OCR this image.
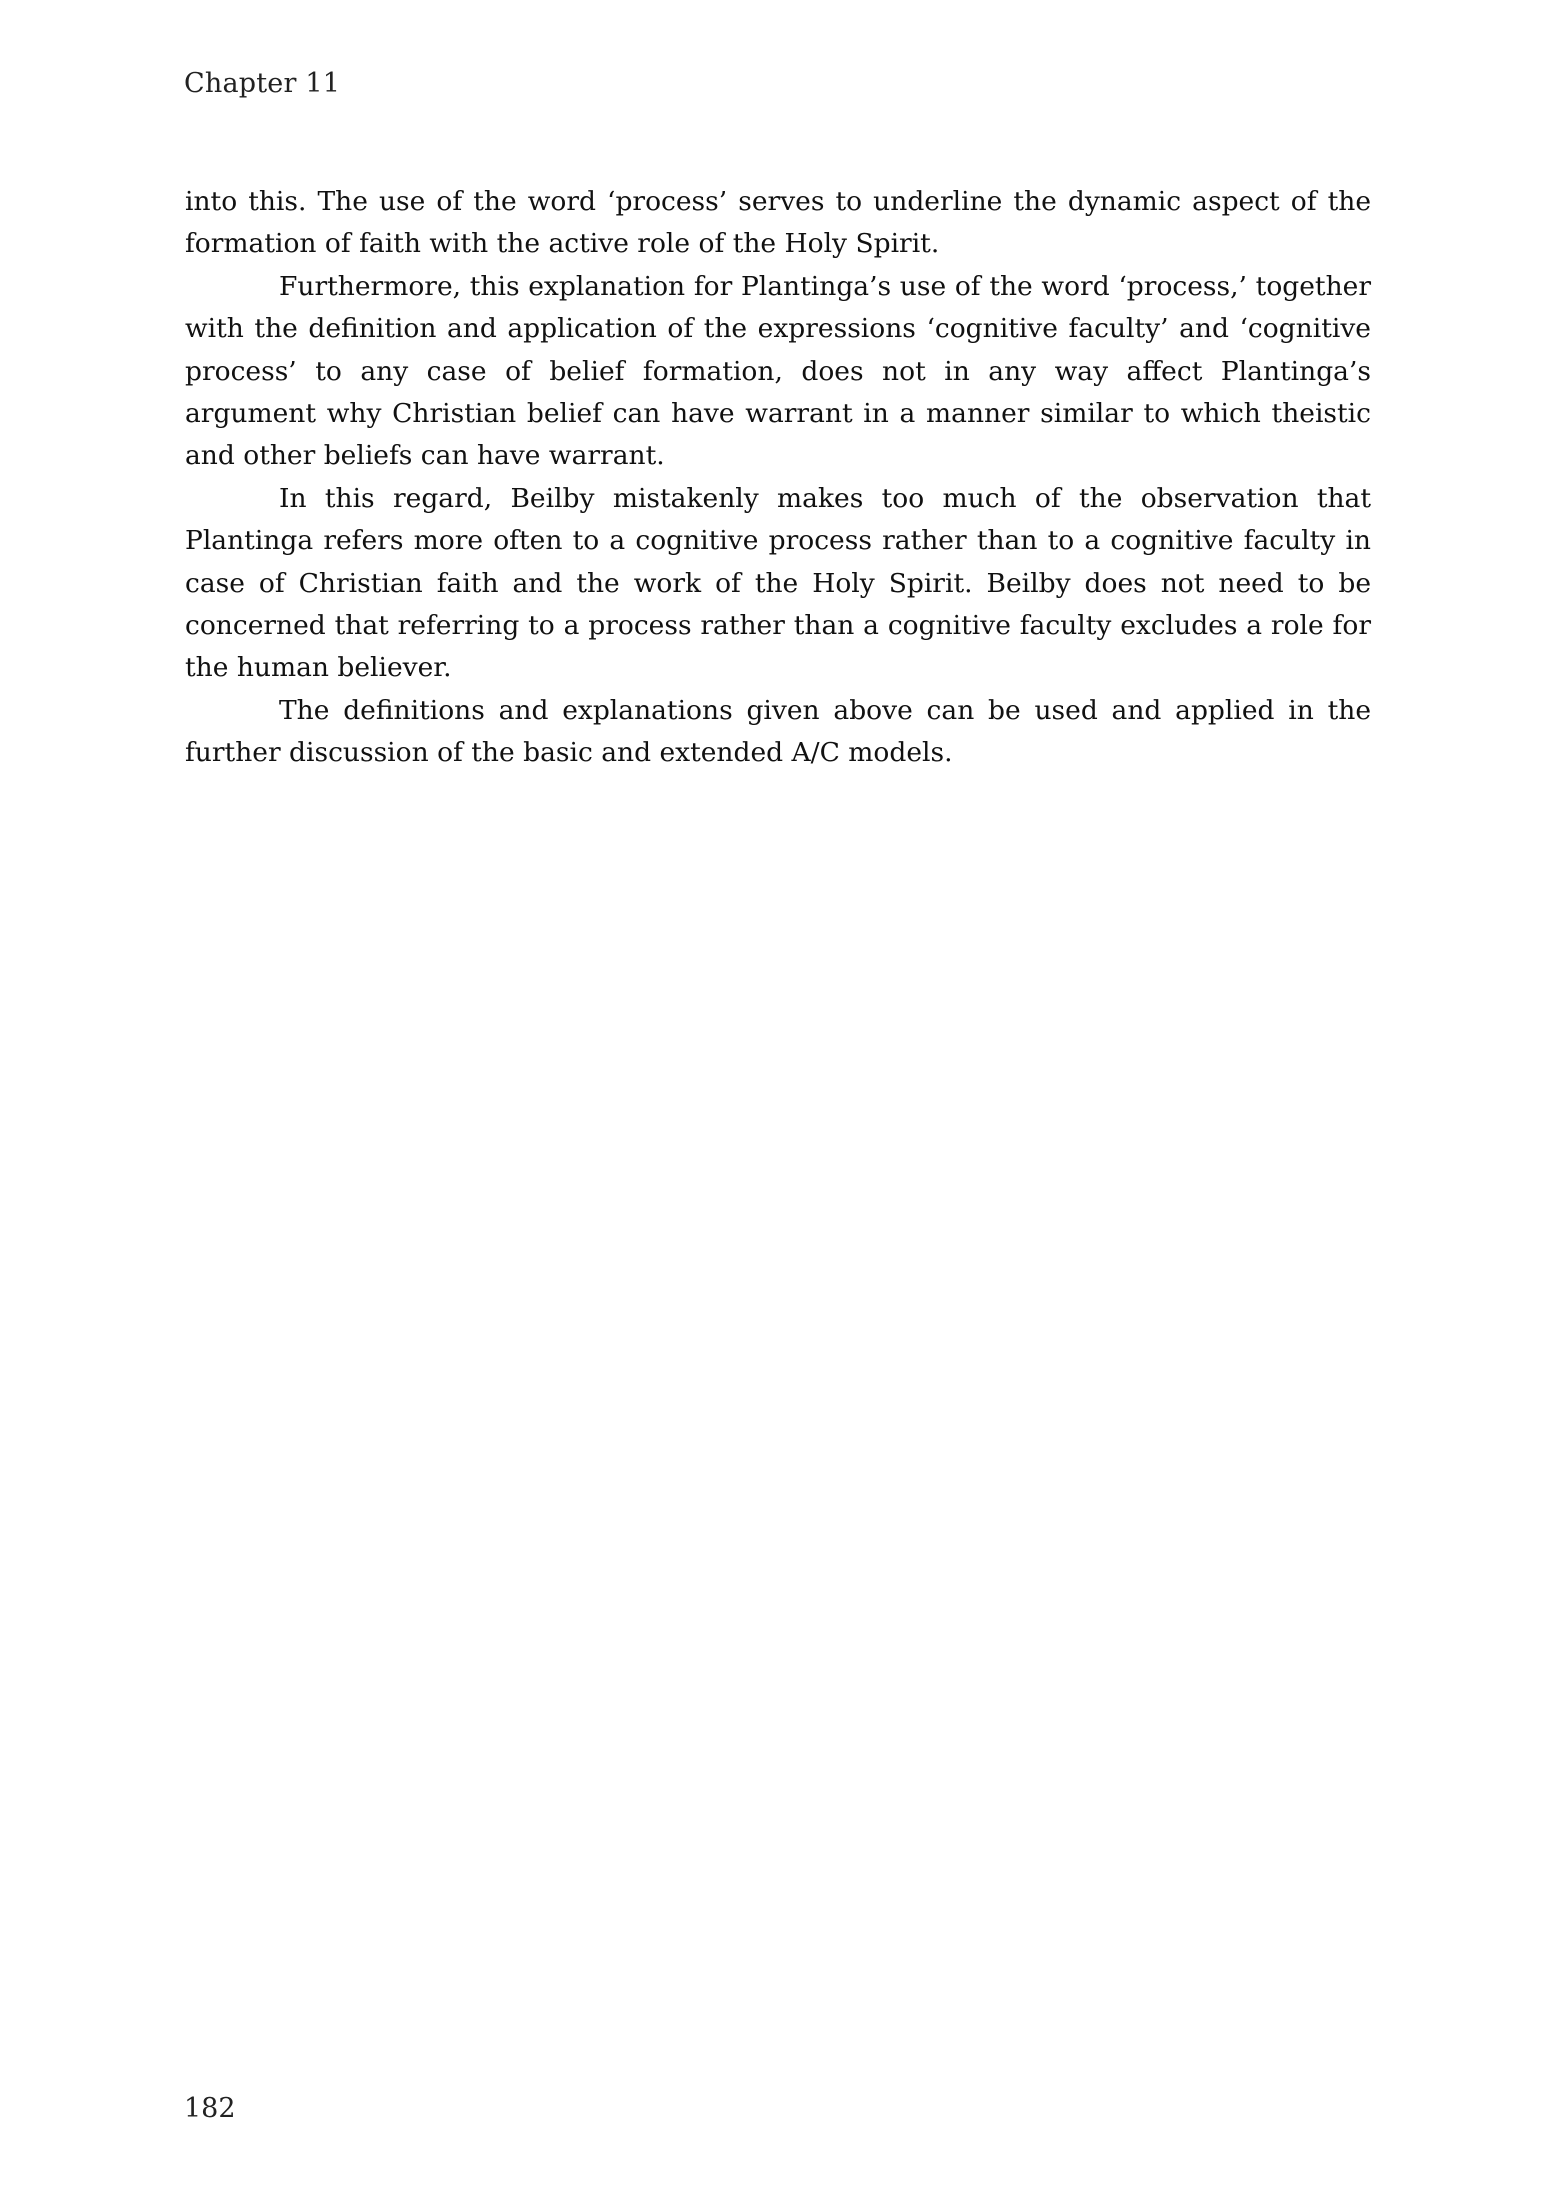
Chapter 11

into this. The use of the word ‘process’ serves to underline the dynamic aspect of the formation of faith with the active role of the Holy Spirit.

Furthermore, this explanation for Plantinga’s use of the word ‘process,’ together with the definition and application of the expressions ‘cognitive faculty’ and ‘cognitive process’ to any case of belief formation, does not in any way affect Plantinga’s argument why Christian belief can have warrant in a manner similar to which theistic and other beliefs can have warrant.

In this regard, Beilby mistakenly makes too much of the observation that Plantinga refers more often to a cognitive process rather than to a cognitive faculty in case of Christian faith and the work of the Holy Spirit. Beilby does not need to be concerned that referring to a process rather than a cognitive faculty excludes a role for the human believer.

The definitions and explanations given above can be used and applied in the further discussion of the basic and extended A/C models.

182
